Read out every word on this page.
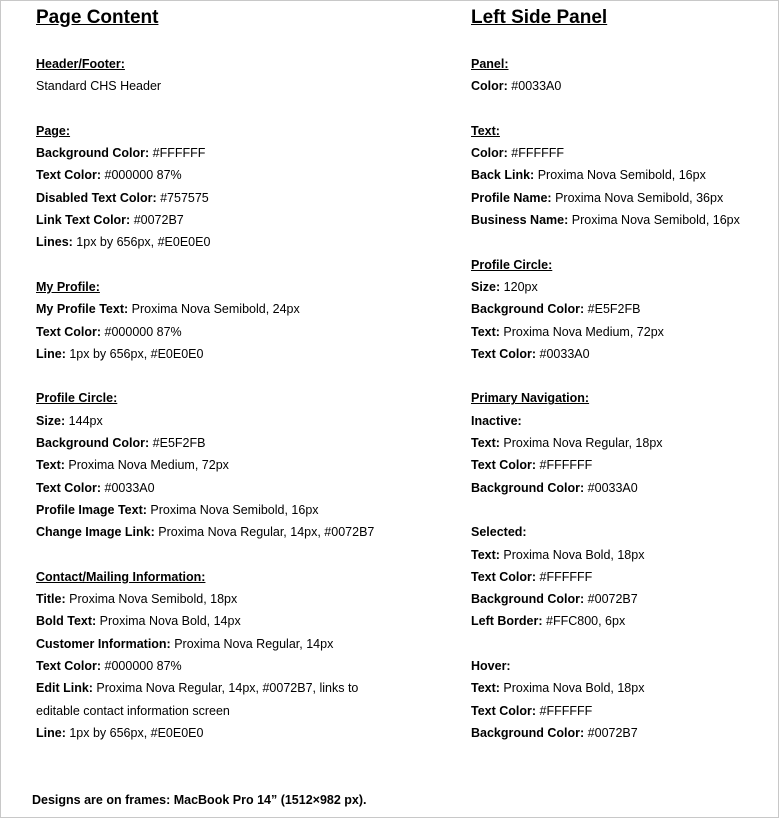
Page Content
Header/Footer:
Standard CHS Header
Page:
Background Color: #FFFFFF
Text Color: #000000 87%
Disabled Text Color: #757575
Link Text Color: #0072B7
Lines: 1px by 656px, #E0E0E0
My Profile:
My Profile Text: Proxima Nova Semibold, 24px
Text Color: #000000 87%
Line: 1px by 656px, #E0E0E0
Profile Circle:
Size: 144px
Background Color: #E5F2FB
Text: Proxima Nova Medium, 72px
Text Color: #0033A0
Profile Image Text: Proxima Nova Semibold, 16px
Change Image Link: Proxima Nova Regular, 14px, #0072B7
Contact/Mailing Information:
Title: Proxima Nova Semibold, 18px
Bold Text: Proxima Nova Bold, 14px
Customer Information: Proxima Nova Regular, 14px
Text Color: #000000 87%
Edit Link: Proxima Nova Regular, 14px, #0072B7, links to editable contact information screen
Line: 1px by 656px, #E0E0E0
Left Side Panel
Panel:
Color: #0033A0
Text:
Color: #FFFFFF
Back Link: Proxima Nova Semibold, 16px
Profile Name: Proxima Nova Semibold, 36px
Business Name: Proxima Nova Semibold, 16px
Profile Circle:
Size: 120px
Background Color: #E5F2FB
Text: Proxima Nova Medium, 72px
Text Color: #0033A0
Primary Navigation:
Inactive:
Text: Proxima Nova Regular, 18px
Text Color: #FFFFFF
Background Color: #0033A0
Selected:
Text: Proxima Nova Bold, 18px
Text Color: #FFFFFF
Background Color: #0072B7
Left Border: #FFC800, 6px
Hover:
Text: Proxima Nova Bold, 18px
Text Color: #FFFFFF
Background Color: #0072B7
Designs are on frames: MacBook Pro 14” (1512×982 px).
